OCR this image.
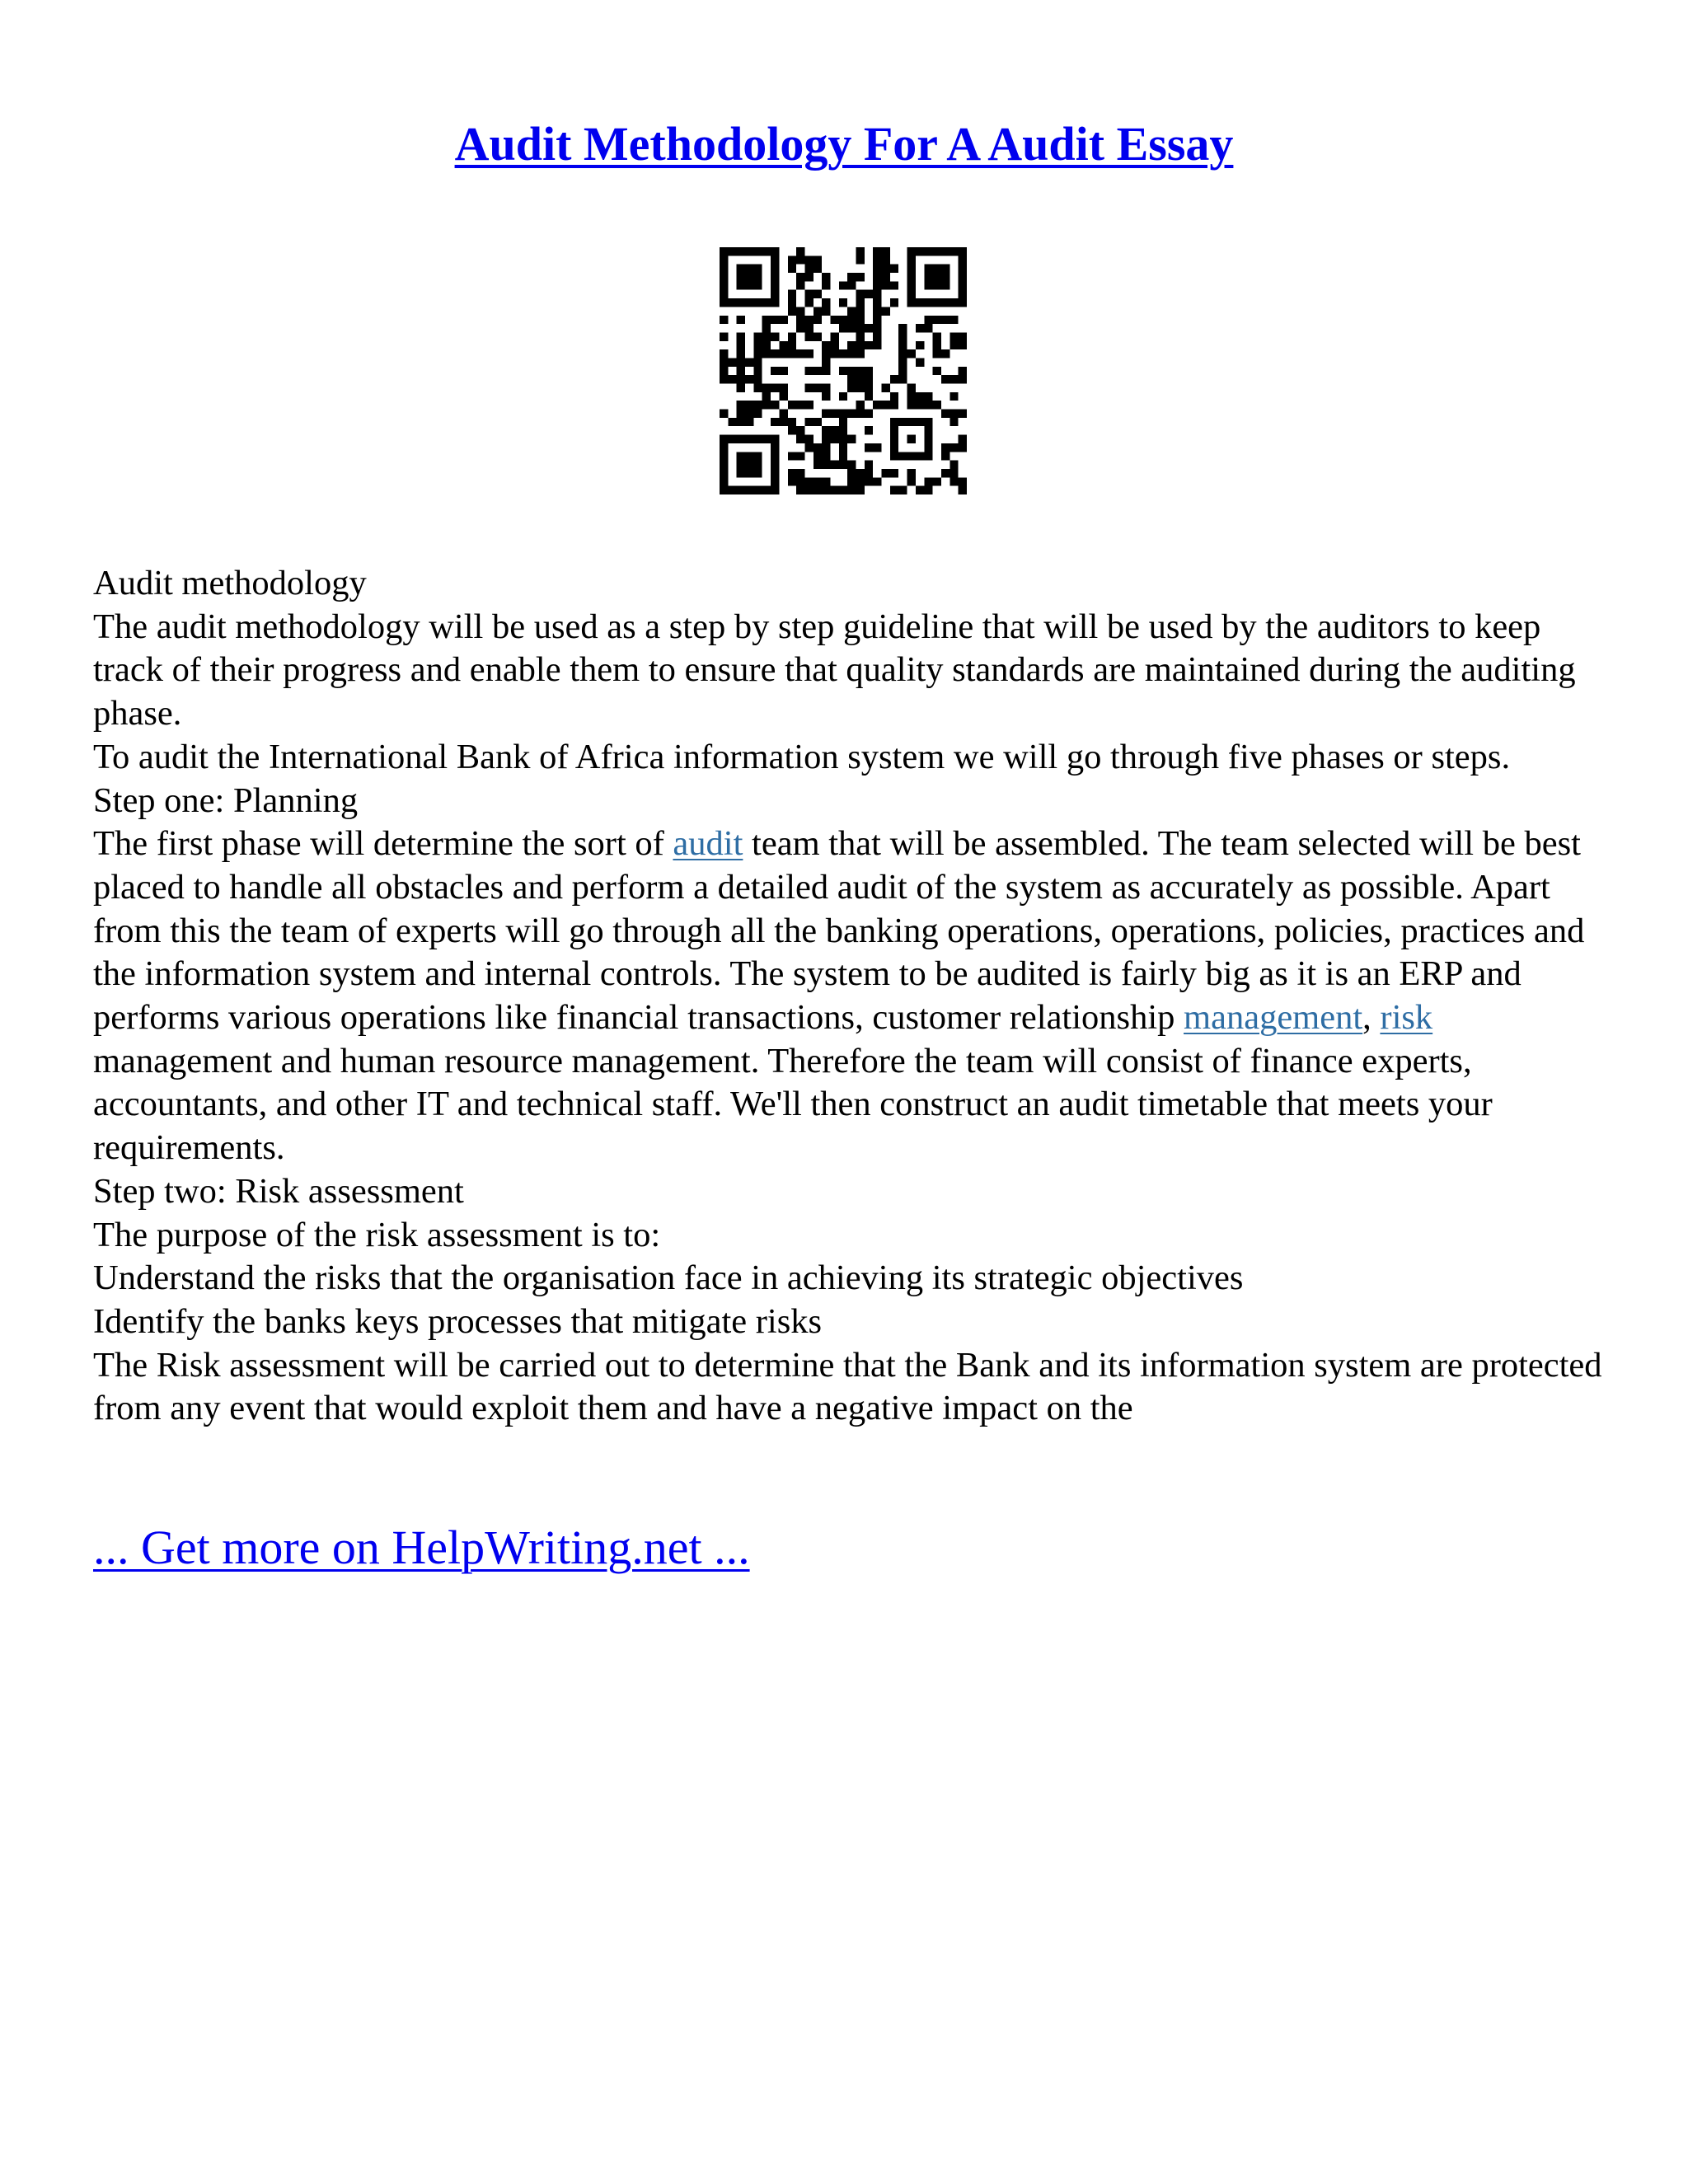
Audit Methodology For A Audit Essay

Audit methodology

The audit methodology will be used as a step by step guideline that will be used by the auditors to keep track of their progress and enable them to ensure that quality standards are maintained during the auditing phase.

To audit the International Bank of Africa information system we will go through five phases or steps.

Step one: Planning

The first phase will determine the sort of audit team that will be assembled. The team selected will be best placed to handle all obstacles and perform a detailed audit of the system as accurately as possible. Apart from this the team of experts will go through all the banking operations, operations, policies, practices and the information system and internal controls. The system to be audited is fairly big as it is an ERP and performs various operations like financial transactions, customer relationship management, risk management and human resource management. Therefore the team will consist of finance experts, accountants, and other IT and technical staff. We'll then construct an audit timetable that meets your requirements.

Step two: Risk assessment

The purpose of the risk assessment is to:

Understand the risks that the organisation face in achieving its strategic objectives

Identify the banks keys processes that mitigate risks

The Risk assessment will be carried out to determine that the Bank and its information system are protected from any event that would exploit them and have a negative impact on the

... Get more on HelpWriting.net ...
